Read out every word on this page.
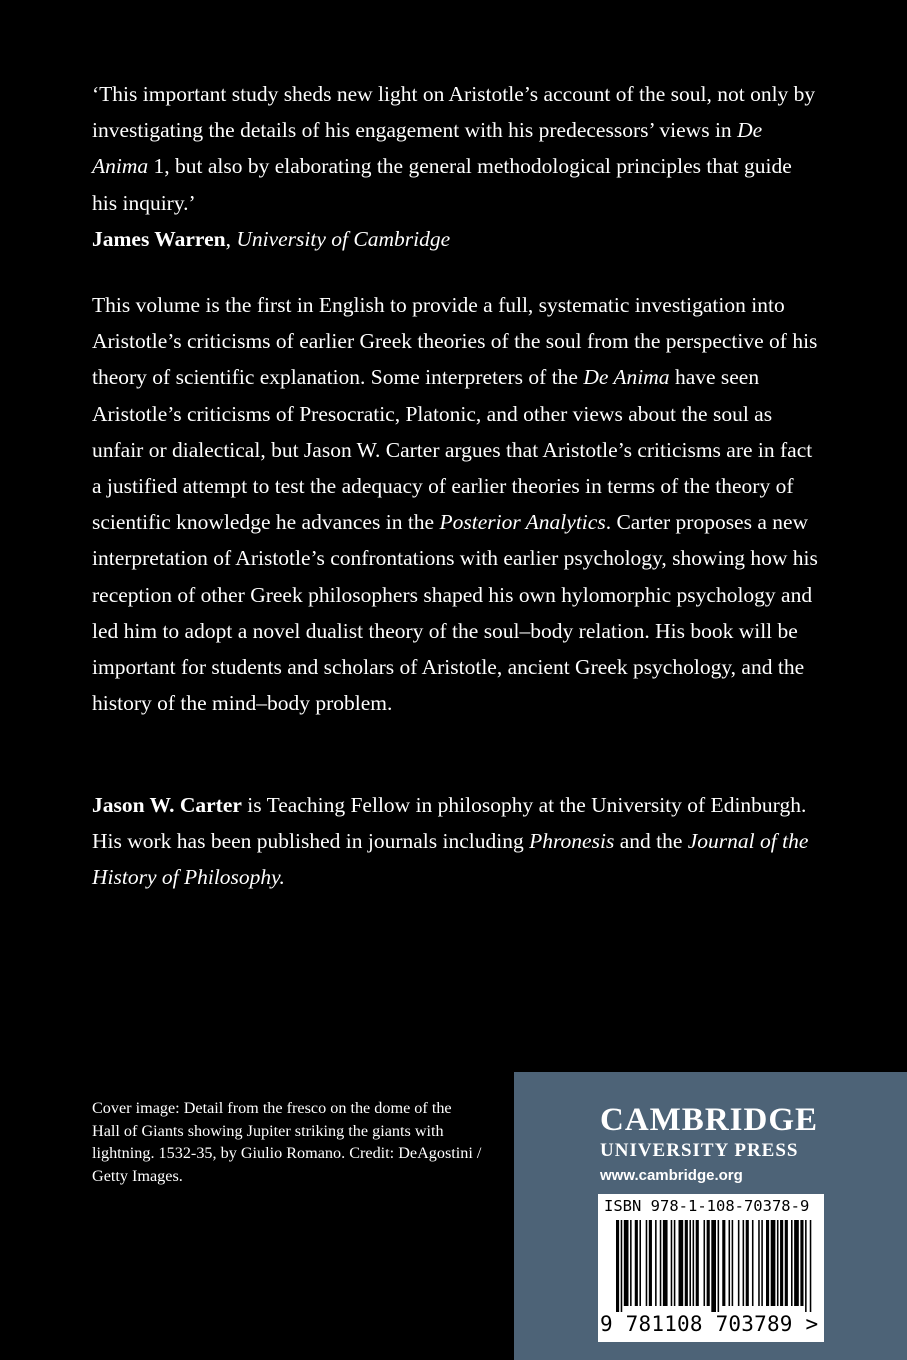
‘This important study sheds new light on Aristotle’s account of the soul, not only by investigating the details of his engagement with his predecessors’ views in De Anima 1, but also by elaborating the general methodological principles that guide his inquiry.’
James Warren, University of Cambridge

This volume is the first in English to provide a full, systematic investigation into Aristotle’s criticisms of earlier Greek theories of the soul from the perspective of his theory of scientific explanation. Some interpreters of the De Anima have seen Aristotle’s criticisms of Presocratic, Platonic, and other views about the soul as unfair or dialectical, but Jason W. Carter argues that Aristotle’s criticisms are in fact a justified attempt to test the adequacy of earlier theories in terms of the theory of scientific knowledge he advances in the Posterior Analytics. Carter proposes a new interpretation of Aristotle’s confrontations with earlier psychology, showing how his reception of other Greek philosophers shaped his own hylomorphic psychology and led him to adopt a novel dualist theory of the soul–body relation. His book will be important for students and scholars of Aristotle, ancient Greek psychology, and the history of the mind–body problem.

Jason W. Carter is Teaching Fellow in philosophy at the University of Edinburgh. His work has been published in journals including Phronesis and the Journal of the History of Philosophy.

Cover image: Detail from the fresco on the dome of the Hall of Giants showing Jupiter striking the giants with lightning. 1532-35, by Giulio Romano. Credit: DeAgostini / Getty Images.

CAMBRIDGE
UNIVERSITY PRESS
www.cambridge.org
ISBN 978-1-108-70378-9
9 781108 703789 >
